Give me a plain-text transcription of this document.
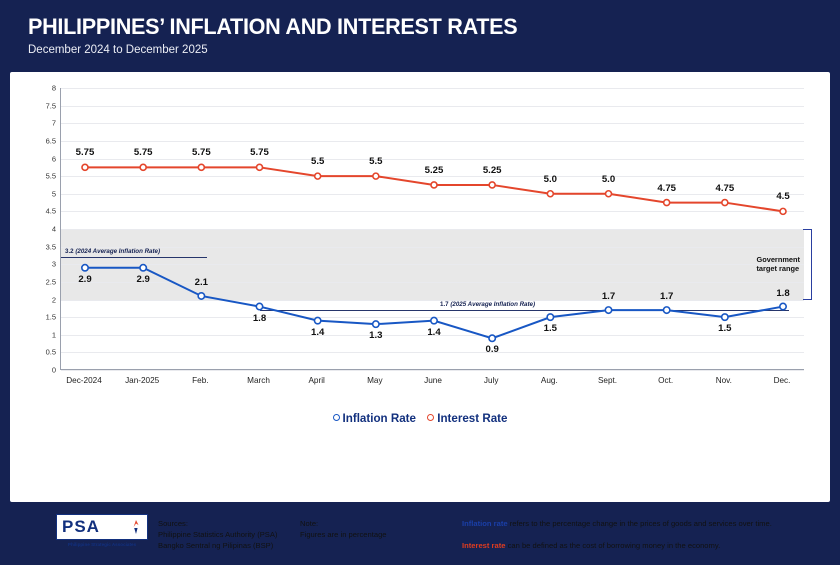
PHILIPPINES’ INFLATION AND INTEREST RATES
December 2024 to December 2025
0
0.5
1
1.5
2
2.5
3
3.5
4
4.5
5
5.5
6
6.5
7
7.5
8
3.2 (2024 Average Inflation Rate)
1.7 (2025 Average Inflation Rate)
2.9	2.9	2.1
1.8
1.4	1.3	1.4
0.9
1.5
1.7	1.7
1.5
1.8
5.75	5.75	5.75	5.75
5.5	5.5
5.25	5.25
5.0	5.0
4.75	4.75
4.5
Dec-2024	Jan-2025	Feb.	March	April	May	June	July	Aug.	Sept.	Oct.	Nov.	Dec.
Government
target range
Inflation Rate Interest Rate
PSA
Philippine Strategic Associates
Sources:
Philippine Statistics Authority (PSA)
Bangko Sentral ng Pilipinas (BSP)
Note:
Figures are in percentage
Inflation rate refers to the percentage change in the prices of goods and services over time.
Interest rate can be defined as the cost of borrowing money in the economy.
